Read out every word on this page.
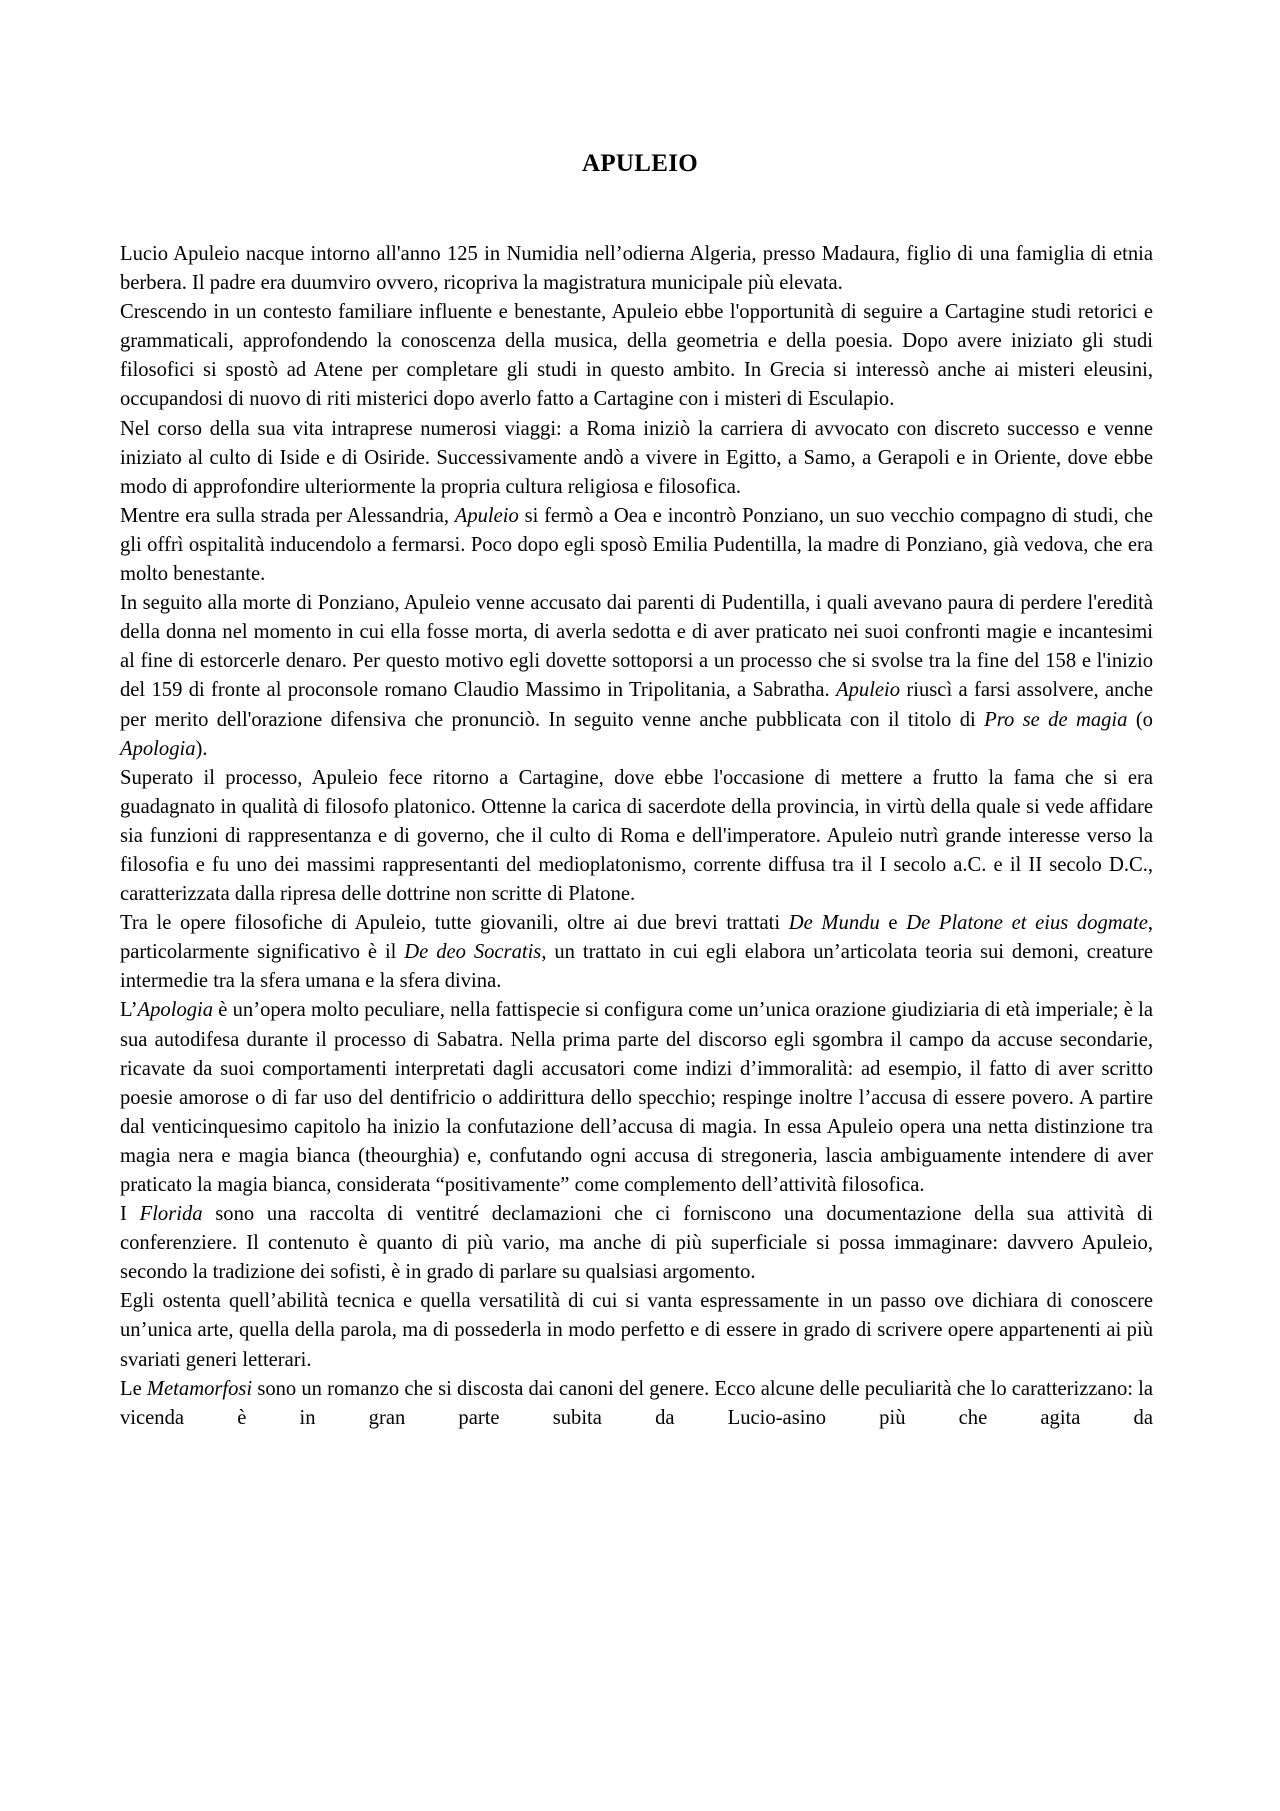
APULEIO

Lucio Apuleio nacque intorno all'anno 125 in Numidia nell’odierna Algeria, presso Madaura, figlio di una famiglia di etnia berbera. Il padre era duumviro ovvero, ricopriva la magistratura municipale più elevata.

Crescendo in un contesto familiare influente e benestante, Apuleio ebbe l'opportunità di seguire a Cartagine studi retorici e grammaticali, approfondendo la conoscenza della musica, della geometria e della poesia. Dopo avere iniziato gli studi filosofici si spostò ad Atene per completare gli studi in questo ambito. In Grecia si interessò anche ai misteri eleusini, occupandosi di nuovo di riti misterici dopo averlo fatto a Cartagine con i misteri di Esculapio.

Nel corso della sua vita intraprese numerosi viaggi: a Roma iniziò la carriera di avvocato con discreto successo e venne iniziato al culto di Iside e di Osiride. Successivamente andò a vivere in Egitto, a Samo, a Gerapoli e in Oriente, dove ebbe modo di approfondire ulteriormente la propria cultura religiosa e filosofica.

Mentre era sulla strada per Alessandria, Apuleio si fermò a Oea e incontrò Ponziano, un suo vecchio compagno di studi, che gli offrì ospitalità inducendolo a fermarsi. Poco dopo egli sposò Emilia Pudentilla, la madre di Ponziano, già vedova, che era molto benestante.

In seguito alla morte di Ponziano, Apuleio venne accusato dai parenti di Pudentilla, i quali avevano paura di perdere l'eredità della donna nel momento in cui ella fosse morta, di averla sedotta e di aver praticato nei suoi confronti magie e incantesimi al fine di estorcerle denaro. Per questo motivo egli dovette sottoporsi a un processo che si svolse tra la fine del 158 e l'inizio del 159 di fronte al proconsole romano Claudio Massimo in Tripolitania, a Sabratha. Apuleio riuscì a farsi assolvere, anche per merito dell'orazione difensiva che pronunciò. In seguito venne anche pubblicata con il titolo di Pro se de magia (o Apologia).

Superato il processo, Apuleio fece ritorno a Cartagine, dove ebbe l'occasione di mettere a frutto la fama che si era guadagnato in qualità di filosofo platonico. Ottenne la carica di sacerdote della provincia, in virtù della quale si vede affidare sia funzioni di rappresentanza e di governo, che il culto di Roma e dell'imperatore. Apuleio nutrì grande interesse verso la filosofia e fu uno dei massimi rappresentanti del medioplatonismo, corrente diffusa tra il I secolo a.C. e il II secolo D.C., caratterizzata dalla ripresa delle dottrine non scritte di Platone.

Tra le opere filosofiche di Apuleio, tutte giovanili, oltre ai due brevi trattati De Mundu e De Platone et eius dogmate, particolarmente significativo è il De deo Socratis, un trattato in cui egli elabora un’articolata teoria sui demoni, creature intermedie tra la sfera umana e la sfera divina.

L’Apologia è un’opera molto peculiare, nella fattispecie si configura come un’unica orazione giudiziaria di età imperiale; è la sua autodifesa durante il processo di Sabatra. Nella prima parte del discorso egli sgombra il campo da accuse secondarie, ricavate da suoi comportamenti interpretati dagli accusatori come indizi d’immoralità: ad esempio, il fatto di aver scritto poesie amorose o di far uso del dentifricio o addirittura dello specchio; respinge inoltre l’accusa di essere povero. A partire dal venticinquesimo capitolo ha inizio la confutazione dell’accusa di magia. In essa Apuleio opera una netta distinzione tra magia nera e magia bianca (theourghia) e, confutando ogni accusa di stregoneria, lascia ambiguamente intendere di aver praticato la magia bianca, considerata “positivamente” come complemento dell’attività filosofica.

I Florida sono una raccolta di ventitré declamazioni che ci forniscono una documentazione della sua attività di conferenziere. Il contenuto è quanto di più vario, ma anche di più superficiale si possa immaginare: davvero Apuleio, secondo la tradizione dei sofisti, è in grado di parlare su qualsiasi argomento.

Egli ostenta quell’abilità tecnica e quella versatilità di cui si vanta espressamente in un passo ove dichiara di conoscere un’unica arte, quella della parola, ma di possederla in modo perfetto e di essere in grado di scrivere opere appartenenti ai più svariati generi letterari.

Le Metamorfosi sono un romanzo che si discosta dai canoni del genere. Ecco alcune delle peculiarità che lo caratterizzano: la vicenda è in gran parte subita da Lucio-asino più che agita da
